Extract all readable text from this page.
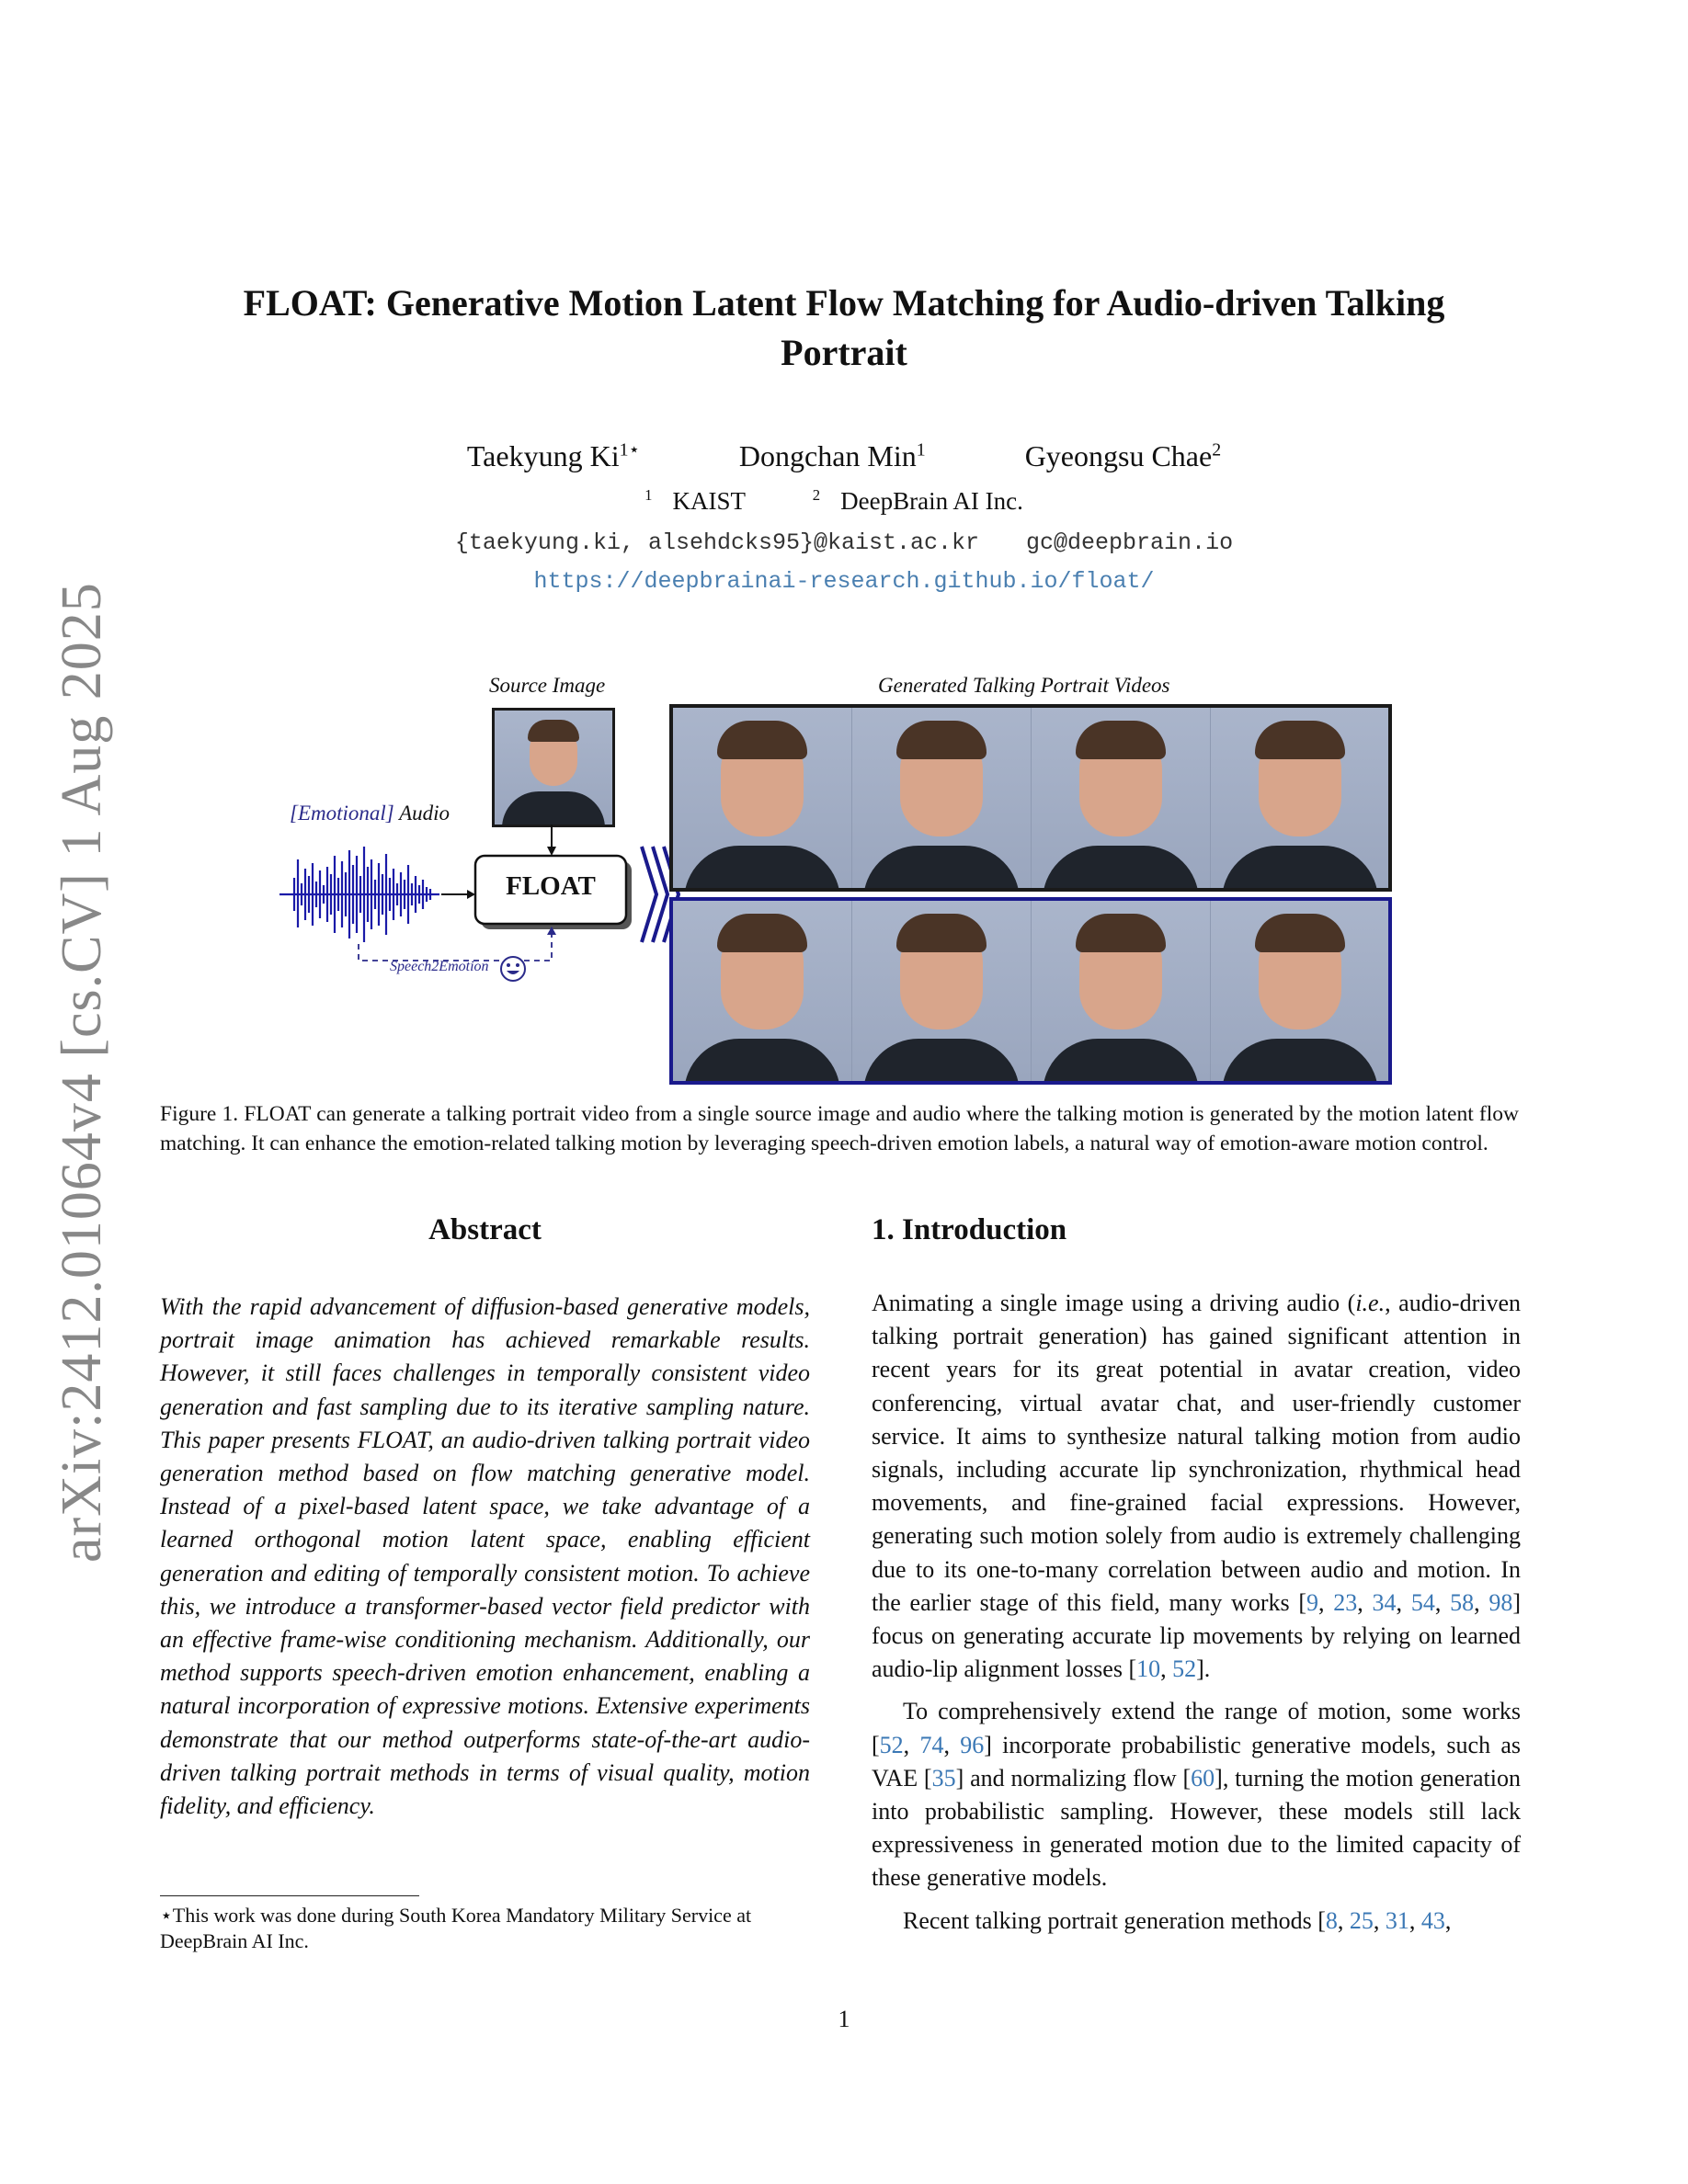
arXiv:2412.01064v4 [cs.CV] 1 Aug 2025
FLOAT: Generative Motion Latent Flow Matching for Audio-driven Talking
Portrait
Taekyung $Ki^{1⋆}$	Dongchan Min$^1$	Gyeongsu Chae$^2$
$^1$ KAIST	$^2$ DeepBrain AI Inc.
{taekyung.ki, alsehdcks95}@kaist.ac.kr gc@deepbrain.io
https://deepbrainai-research.github.io/float/
Source Image	Generated Talking Portrait Videos
[Emotional] Audio
FLOAT
Speech2Emotion
Figure 1. FLOAT can generate a talking portrait video from a single source image and audio where the talking motion is generated by the motion latent flow matching. It can enhance the emotion-related talking motion by leveraging speech-driven emotion labels, a natural way of emotion-aware motion control.
Abstract
With the rapid advancement of diffusion-based generative models, portrait image animation has achieved remarkable results. However, it still faces challenges in temporally consistent video generation and fast sampling due to its iterative sampling nature. This paper presents FLOAT, an audio-driven talking portrait video generation method based on flow matching generative model. Instead of a pixel-based latent space, we take advantage of a learned orthogonal motion latent space, enabling efficient generation and editing of temporally consistent motion. To achieve this, we introduce a transformer-based vector field predictor with an effective frame-wise conditioning mechanism. Additionally, our method supports speech-driven emotion enhancement, enabling a natural incorporation of expressive motions. Extensive experiments demonstrate that our method outperforms state-of-the-art audio-driven talking portrait methods in terms of visual quality, motion fidelity, and efficiency.
1. Introduction

Animating a single image using a driving audio (i.e., audio-driven talking portrait generation) has gained significant attention in recent years for its great potential in avatar creation, video conferencing, virtual avatar chat, and user-friendly customer service. It aims to synthesize natural talking motion from audio signals, including accurate lip synchronization, rhythmical head movements, and fine-grained facial expressions. However, generating such motion solely from audio is extremely challenging due to its one-to-many correlation between audio and motion. In the earlier stage of this field, many works [9, 23, 34, 54, 58, 98] focus on generating accurate lip movements by relying on learned audio-lip alignment losses [10, 52].

To comprehensively extend the range of motion, some works [52, 74, 96] incorporate probabilistic generative models, such as VAE [35] and normalizing flow [60], turning the motion generation into probabilistic sampling. However, these models still lack expressiveness in generated motion due to the limited capacity of these generative models.

Recent talking portrait generation methods [8, 25, 31, 43,

⋆This work was done during South Korea Mandatory Military Service at DeepBrain AI Inc.
1
